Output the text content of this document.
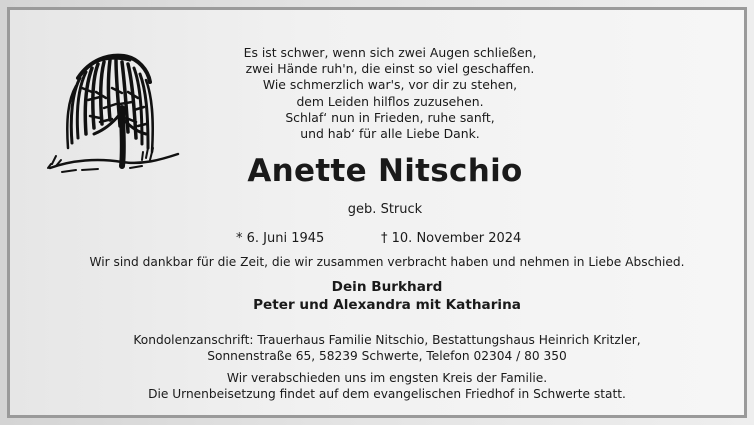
Es ist schwer, wenn sich zwei Augen schließen,
zwei Hände ruh'n, die einst so viel geschaffen.
Wie schmerzlich war's, vor dir zu stehen,
dem Leiden hilflos zuzusehen.
Schlaf‘ nun in Frieden, ruhe sanft,
und hab‘ für alle Liebe Dank.
Anette Nitschio
geb. Struck
* 6. Juni 1945	† 10. November 2024
Wir sind dankbar für die Zeit, die wir zusammen verbracht haben und nehmen in Liebe Abschied.
Dein Burkhard
Peter und Alexandra mit Katharina
Kondolenzanschrift: Trauerhaus Familie Nitschio, Bestattungshaus Heinrich Kritzler,
Sonnenstraße 65, 58239 Schwerte, Telefon 02304 / 80 350
Wir verabschieden uns im engsten Kreis der Familie.
Die Urnenbeisetzung findet auf dem evangelischen Friedhof in Schwerte statt.
